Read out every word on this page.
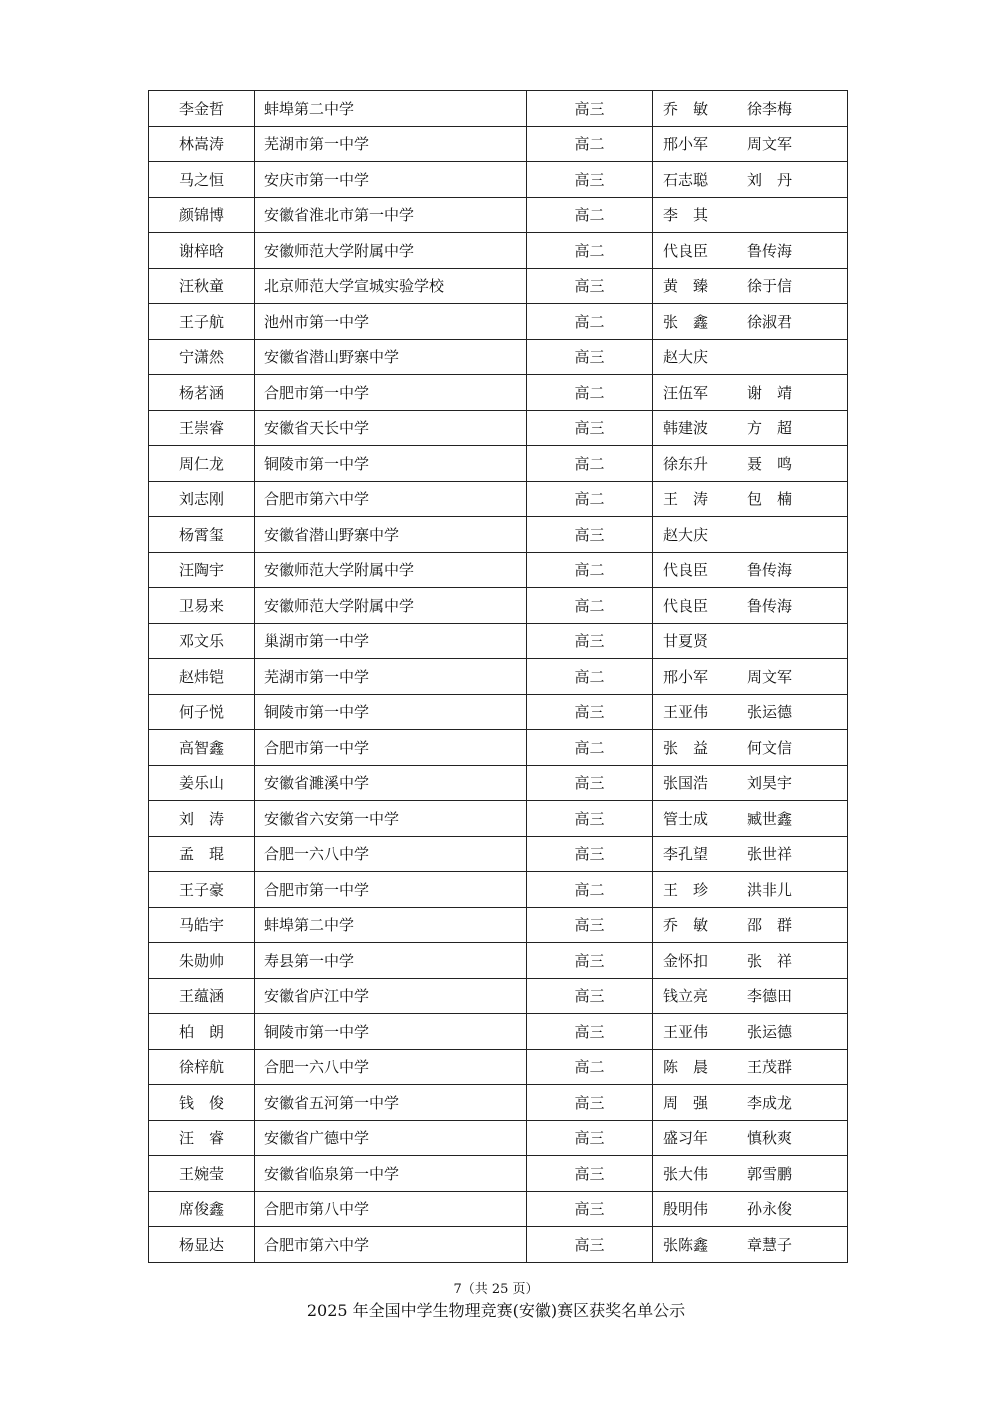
李金哲	蚌埠第二中学	高三	乔　敏 徐李梅
林嵩涛	芜湖市第一中学	高二	邢小军 周文军
马之恒	安庆市第一中学	高三	石志聪 刘　丹
颜锦博	安徽省淮北市第一中学	高二	李　其
谢梓晗	安徽师范大学附属中学	高二	代良臣 鲁传海
汪秋童	北京师范大学宣城实验学校	高三	黄　臻 徐于信
王子航	池州市第一中学	高二	张　鑫 徐淑君
宁潇然	安徽省潜山野寨中学	高三	赵大庆
杨茗涵	合肥市第一中学	高二	汪伍军 谢　靖
王崇睿	安徽省天长中学	高三	韩建波 方　超
周仁龙	铜陵市第一中学	高二	徐东升 聂　鸣
刘志刚	合肥市第六中学	高二	王　涛 包　楠
杨霄玺	安徽省潜山野寨中学	高三	赵大庆
汪陶宇	安徽师范大学附属中学	高二	代良臣 鲁传海
卫易来	安徽师范大学附属中学	高二	代良臣 鲁传海
邓文乐	巢湖市第一中学	高三	甘夏贤
赵炜铠	芜湖市第一中学	高二	邢小军 周文军
何子悦	铜陵市第一中学	高三	王亚伟 张运德
高智鑫	合肥市第一中学	高二	张　益 何文信
姜乐山	安徽省濉溪中学	高三	张国浩 刘昊宇
刘　涛	安徽省六安第一中学	高三	管士成 臧世鑫
孟　琨	合肥一六八中学	高三	李孔望 张世祥
王子豪	合肥市第一中学	高二	王　珍 洪非儿
马皓宇	蚌埠第二中学	高三	乔　敏 邵　群
朱勋帅	寿县第一中学	高三	金怀扣 张　祥
王蕴涵	安徽省庐江中学	高三	钱立亮 李德田
柏　朗	铜陵市第一中学	高三	王亚伟 张运德
徐梓航	合肥一六八中学	高二	陈　晨 王茂群
钱　俊	安徽省五河第一中学	高三	周　强 李成龙
汪　睿	安徽省广德中学	高三	盛习年 慎秋爽
王婉莹	安徽省临泉第一中学	高三	张大伟 郭雪鹏
席俊鑫	合肥市第八中学	高三	殷明伟 孙永俊
杨显达	合肥市第六中学	高三	张陈鑫 章慧子
7（共 25 页）
2025 年全国中学生物理竞赛(安徽)赛区获奖名单公示
